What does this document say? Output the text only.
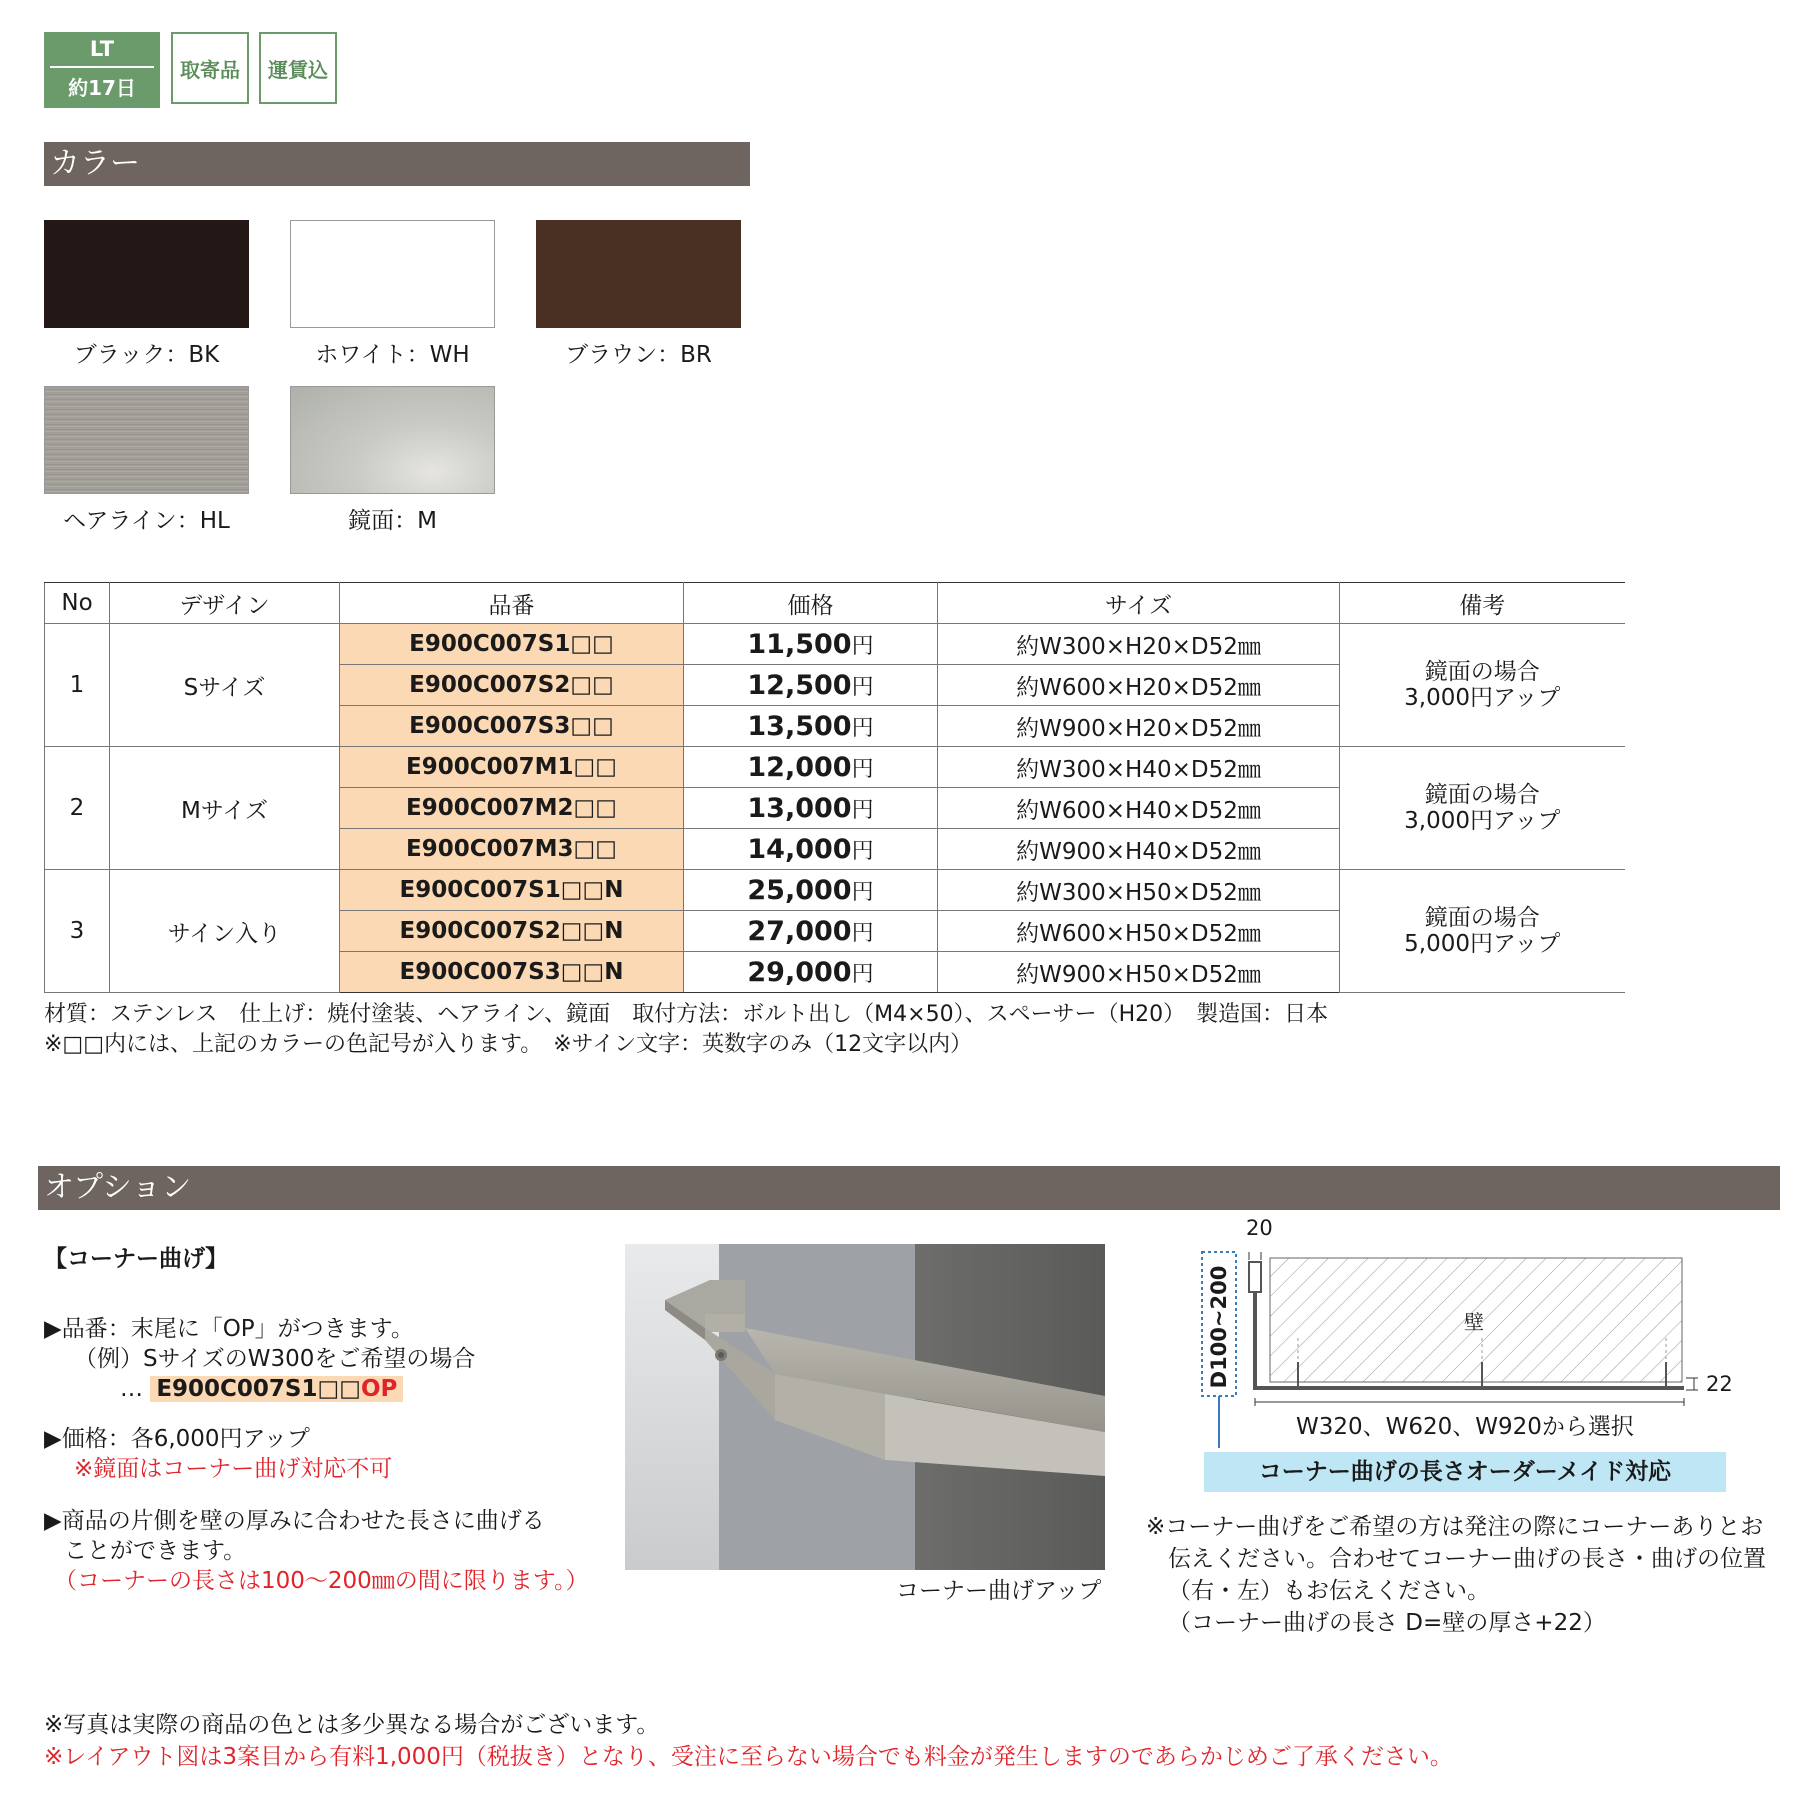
LT
約17日
取寄品	運賃込
カラー
ブラック：BK	ホワイト：WH	ブラウン：BR
ヘアライン：HL	鏡面：M
No	デザイン	品番	価格	サイズ	備考
1	Sサイズ	E900C007S1□□	11,500円	約W300×H20×D52㎜	鏡面の場合
3,000円アップ

		E900C007S2□□	12,500円	約W600×H20×D52㎜	
		E900C007S3□□	13,500円	約W900×H20×D52㎜	
2	Mサイズ	E900C007M1□□	12,000円	約W300×H40×D52㎜	鏡面の場合
3,000円アップ

		E900C007M2□□	13,000円	約W600×H40×D52㎜	
		E900C007M3□□	14,000円	約W900×H40×D52㎜	
3	サイン入り	E900C007S1□□N	25,000円	約W300×H50×D52㎜	鏡面の場合
5,000円アップ

		E900C007S2□□N	27,000円	約W600×H50×D52㎜	
		E900C007S3□□N	29,000円	約W900×H50×D52㎜	
材質：ステンレス　仕上げ：焼付塗装、ヘアライン、鏡面　取付方法：ボルト出し（M4×50）、スペーサー（H20）　製造国：日本
※□□内には、上記のカラーの色記号が入ります。　※サイン文字：英数字のみ（12文字以内）
オプション
【コーナー曲げ】
▶品番：末尾に「OP」がつきます。
（例）SサイズのW300をご希望の場合
… E900C007S1□□OP
▶価格：各6,000円アップ
※鏡面はコーナー曲げ対応不可
▶商品の片側を壁の厚みに合わせた長さに曲げる
ことができます。
（コーナーの長さは100～200㎜の間に限ります。）	コーナー曲げアップ
20
D100~200	壁
22
W320、W620、W920から選択
コーナー曲げの長さオーダーメイド対応
※コーナー曲げをご希望の方は発注の際にコーナーありとお
伝えください。合わせてコーナー曲げの長さ・曲げの位置
（右・左）もお伝えください。
（コーナー曲げの長さ D=壁の厚さ+22）
※写真は実際の商品の色とは多少異なる場合がございます。
※レイアウト図は3案目から有料1,000円（税抜き）となり、受注に至らない場合でも料金が発生しますのであらかじめご了承ください。
